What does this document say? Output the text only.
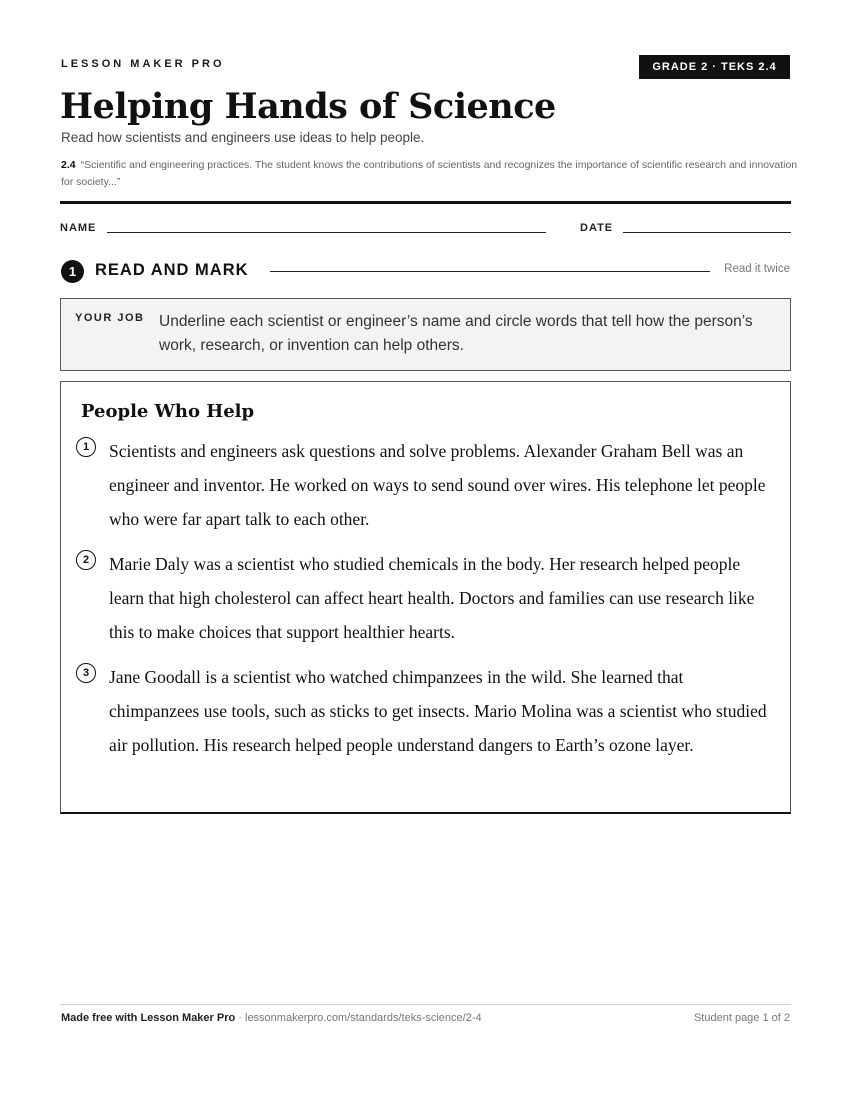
LESSON MAKER PRO	GRADE 2 · TEKS 2.4
Helping Hands of Science
Read how scientists and engineers use ideas to help people.
2.4 “Scientific and engineering practices. The student knows the contributions of scientists and recognizes the importance of scientific research and innovation for society...”
NAME	DATE
1	READ AND MARK	Read it twice
YOUR JOB Underline each scientist or engineer’s name and circle words that tell how the person’s work, research, or invention can help others.
People Who Help
1	Scientists and engineers ask questions and solve problems. Alexander Graham Bell was an engineer and inventor. He worked on ways to send sound over wires. His telephone let people who were far apart talk to each other.

2	Marie Daly was a scientist who studied chemicals in the body. Her research helped people learn that high cholesterol can affect heart health. Doctors and families can use research like this to make choices that support healthier hearts.

3	Jane Goodall is a scientist who watched chimpanzees in the wild. She learned that chimpanzees use tools, such as sticks to get insects. Mario Molina was a scientist who studied air pollution. His research helped people understand dangers to Earth’s ozone layer.

Made free with Lesson Maker Pro · lessonmakerpro.com/standards/teks-science/2-4	Student page 1 of 2
